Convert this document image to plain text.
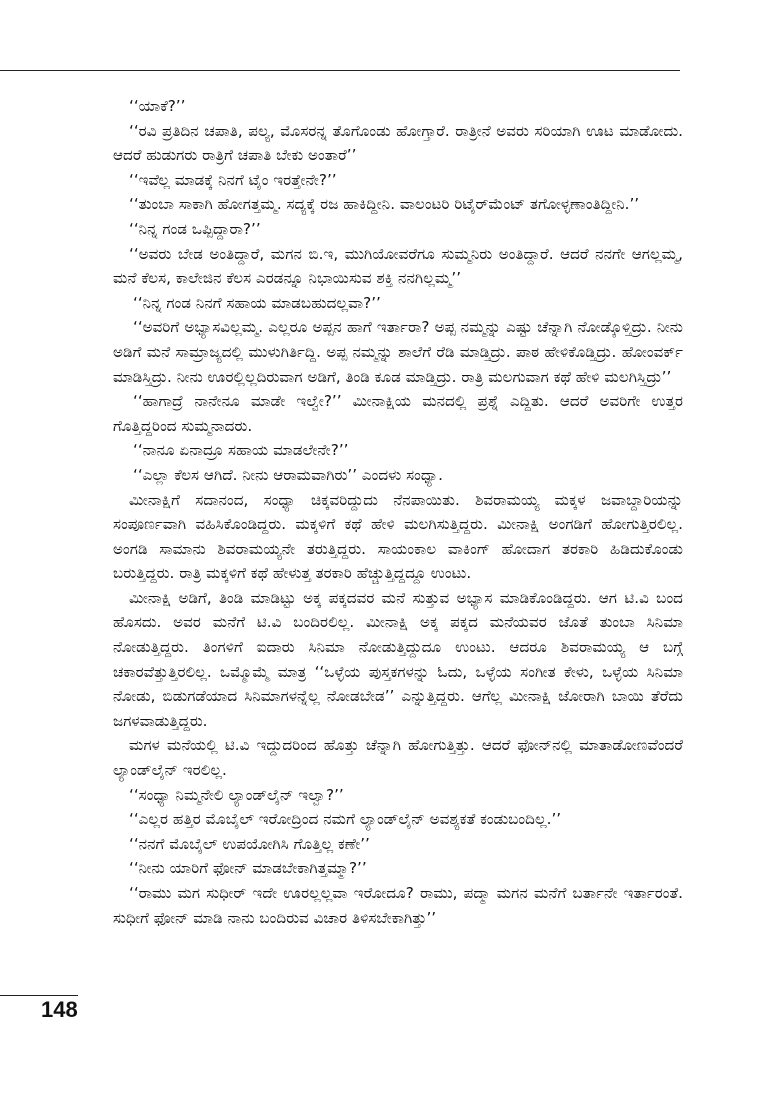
‘‘ಯಾಕೆ?’’

‘‘ರವಿ ಪ್ರತಿದಿನ ಚಪಾತಿ, ಪಲ್ಯ, ಮೊಸರನ್ನ ತೊಗೊಂಡು ಹೋಗ್ತಾರೆ. ರಾತ್ರೀನೆ ಅವರು ಸರಿಯಾಗಿ ಊಟ ಮಾಡೋದು. ಆದರೆ ಹುಡುಗರು ರಾತ್ರಿಗೆ ಚಪಾತಿ ಬೇಕು ಅಂತಾರೆ’’

‘‘ಇವೆಲ್ಲ ಮಾಡಕ್ಕೆ ನಿನಗೆ ಟೈಂ ಇರತ್ತೇನೇ?’’

‘‘ತುಂಬಾ ಸಾಕಾಗಿ ಹೋಗತ್ತಮ್ಮ. ಸದ್ಯಕ್ಕೆ ರಜ ಹಾಕಿದ್ದೀನಿ. ವಾಲಂಟರಿ ರಿಟೈರ್‌ಮೆಂಟ್ ತಗೋಳ್ಳಣಾಂತಿದ್ದೀನಿ.’’

‘‘ನಿನ್ನ ಗಂಡ ಒಪ್ಪಿದ್ದಾರಾ?’’

‘‘ಅವರು ಬೇಡ ಅಂತಿದ್ದಾರೆ, ಮಗನ ಬಿ.ಇ, ಮುಗಿಯೋವರೆಗೂ ಸುಮ್ಮನಿರು ಅಂತಿದ್ದಾರೆ. ಆದರೆ ನನಗೇ ಆಗಲ್ಲಮ್ಮ, ಮನೆ ಕೆಲಸ, ಕಾಲೇಜಿನ ಕೆಲಸ ಎರಡನ್ನೂ ನಿಭಾಯಿಸುವ ಶಕ್ತಿ ನನಗಿಲ್ಲಮ್ಮ’’

‘‘ನಿನ್ನ ಗಂಡ ನಿನಗೆ ಸಹಾಯ ಮಾಡಬಹುದಲ್ಲವಾ?’’

‘‘ಅವರಿಗೆ ಅಭ್ಯಾಸವಿಲ್ಲಮ್ಮ. ಎಲ್ಲರೂ ಅಪ್ಪನ ಹಾಗೆ ಇರ್ತಾರಾ? ಅಪ್ಪ ನಮ್ಮನ್ನು ಎಷ್ಟು ಚೆನ್ನಾಗಿ ನೋಡ್ಕೊಳ್ತಿದ್ರು. ನೀನು ಅಡಿಗೆ ಮನೆ ಸಾಮ್ರಾಜ್ಯದಲ್ಲಿ ಮುಳುಗಿರ್ತಿದ್ದಿ. ಅಪ್ಪ ನಮ್ಮನ್ನು ಶಾಲೆಗೆ ರೆಡಿ ಮಾಡ್ತಿದ್ರು. ಪಾಠ ಹೇಳಿಕೊಡ್ತಿದ್ರು. ಹೋಂವರ್ಕ್ ಮಾಡಿಸ್ತಿದ್ರು. ನೀನು ಊರಲ್ಲಿಲ್ಲದಿರುವಾಗ ಅಡಿಗೆ, ತಿಂಡಿ ಕೂಡ ಮಾಡ್ತಿದ್ರು. ರಾತ್ರಿ ಮಲಗುವಾಗ ಕಥೆ ಹೇಳಿ ಮಲಗಿಸ್ತಿದ್ರು’’

‘‘ಹಾಗಾದ್ರೆ ನಾನೇನೂ ಮಾಡೇ ಇಲ್ವೇ?’’ ಮೀನಾಕ್ಷಿಯ ಮನದಲ್ಲಿ ಪ್ರಶ್ನೆ ಎದ್ದಿತು. ಆದರೆ ಅವರಿಗೇ ಉತ್ತರ ಗೊತ್ತಿದ್ದರಿಂದ ಸುಮ್ಮನಾದರು.

‘‘ನಾನೂ ಏನಾದ್ರೂ ಸಹಾಯ ಮಾಡಲೇನೇ?’’

‘‘ಎಲ್ಲಾ ಕೆಲಸ ಆಗಿದೆ. ನೀನು ಆರಾಮವಾಗಿರು’’ ಎಂದಳು ಸಂಧ್ಯಾ.

ಮೀನಾಕ್ಷಿಗೆ ಸದಾನಂದ, ಸಂಧ್ಯಾ ಚಿಕ್ಕವರಿದ್ದುದು ನೆನಪಾಯಿತು. ಶಿವರಾಮಯ್ಯ ಮಕ್ಕಳ ಜವಾಬ್ದಾರಿಯನ್ನು ಸಂಪೂರ್ಣವಾಗಿ ವಹಿಸಿಕೊಂಡಿದ್ದರು. ಮಕ್ಕಳಿಗೆ ಕಥೆ ಹೇಳಿ ಮಲಗಿಸುತ್ತಿದ್ದರು. ಮೀನಾಕ್ಷಿ ಅಂಗಡಿಗೆ ಹೋಗುತ್ತಿರಲಿಲ್ಲ. ಅಂಗಡಿ ಸಾಮಾನು ಶಿವರಾಮಯ್ಯನೇ ತರುತ್ತಿದ್ದರು. ಸಾಯಂಕಾಲ ವಾಕಿಂಗ್ ಹೋದಾಗ ತರಕಾರಿ ಹಿಡಿದುಕೊಂಡು ಬರುತ್ತಿದ್ದರು. ರಾತ್ರಿ ಮಕ್ಕಳಿಗೆ ಕಥೆ ಹೇಳುತ್ತ ತರಕಾರಿ ಹೆಚ್ಚುತ್ತಿದ್ದದ್ದೂ ಉಂಟು.

ಮೀನಾಕ್ಷಿ ಅಡಿಗೆ, ತಿಂಡಿ ಮಾಡಿಟ್ಟು ಅಕ್ಕ ಪಕ್ಕದವರ ಮನೆ ಸುತ್ತುವ ಅಭ್ಯಾಸ ಮಾಡಿಕೊಂಡಿದ್ದರು. ಆಗ ಟಿ.ವಿ ಬಂದ ಹೊಸದು. ಅವರ ಮನೆಗೆ ಟಿ.ವಿ ಬಂದಿರಲಿಲ್ಲ. ಮೀನಾಕ್ಷಿ ಅಕ್ಕ ಪಕ್ಕದ ಮನೆಯವರ ಜೊತೆ ತುಂಬಾ ಸಿನಿಮಾ ನೋಡುತ್ತಿದ್ದರು. ತಿಂಗಳಿಗೆ ಐದಾರು ಸಿನಿಮಾ ನೋಡುತ್ತಿದ್ದುದೂ ಉಂಟು. ಆದರೂ ಶಿವರಾಮಯ್ಯ ಆ ಬಗ್ಗೆ ಚಕಾರವೆತ್ತುತ್ತಿರಲಿಲ್ಲ. ಒಮ್ಮೊಮ್ಮೆ ಮಾತ್ರ ‘‘ಒಳ್ಳೆಯ ಪುಸ್ತಕಗಳನ್ನು ಓದು, ಒಳ್ಳೆಯ ಸಂಗೀತ ಕೇಳು, ಒಳ್ಳೆಯ ಸಿನಿಮಾ ನೋಡು, ಬಿಡುಗಡೆಯಾದ ಸಿನಿಮಾಗಳನ್ನೆಲ್ಲ ನೋಡಬೇಡ’’ ಎನ್ನುತ್ತಿದ್ದರು. ಆಗೆಲ್ಲ ಮೀನಾಕ್ಷಿ ಜೋರಾಗಿ ಬಾಯಿ ತೆರೆದು ಜಗಳವಾಡುತ್ತಿದ್ದರು.

ಮಗಳ ಮನೆಯಲ್ಲಿ ಟಿ.ವಿ ಇದ್ದುದರಿಂದ ಹೊತ್ತು ಚೆನ್ನಾಗಿ ಹೋಗುತ್ತಿತ್ತು. ಆದರೆ ಫೋನ್‌ನಲ್ಲಿ ಮಾತಾಡೋಣವೆಂದರೆ ಲ್ಯಾಂಡ್‌ಲೈನ್ ಇರಲಿಲ್ಲ.

‘‘ಸಂಧ್ಯಾ ನಿಮ್ಮನೇಲಿ ಲ್ಯಾಂಡ್‌ಲೈನ್ ಇಲ್ವಾ?’’

‘‘ಎಲ್ಲರ ಹತ್ತಿರ ಮೊಬೈಲ್ ಇರೋದ್ರಿಂದ ನಮಗೆ ಲ್ಯಾಂಡ್‌ಲೈನ್ ಅವಶ್ಯಕತೆ ಕಂಡುಬಂದಿಲ್ಲ.’’

‘‘ನನಗೆ ಮೊಬೈಲ್ ಉಪಯೋಗಿಸಿ ಗೊತ್ತಿಲ್ಲ ಕಣೇ’’

‘‘ನೀನು ಯಾರಿಗೆ ಫೋನ್ ಮಾಡಬೇಕಾಗಿತ್ತಮ್ಮಾ?’’

‘‘ರಾಮು ಮಗ ಸುಧೀರ್ ಇದೇ ಊರಲ್ಲಲ್ಲವಾ ಇರೋದೂ? ರಾಮು, ಪದ್ಮಾ ಮಗನ ಮನೆಗೆ ಬರ್ತಾನೇ ಇರ್ತಾರಂತೆ. ಸುಧೀಗೆ ಫೋನ್ ಮಾಡಿ ನಾನು ಬಂದಿರುವ ವಿಚಾರ ತಿಳಿಸಬೇಕಾಗಿತ್ತು’’

148
